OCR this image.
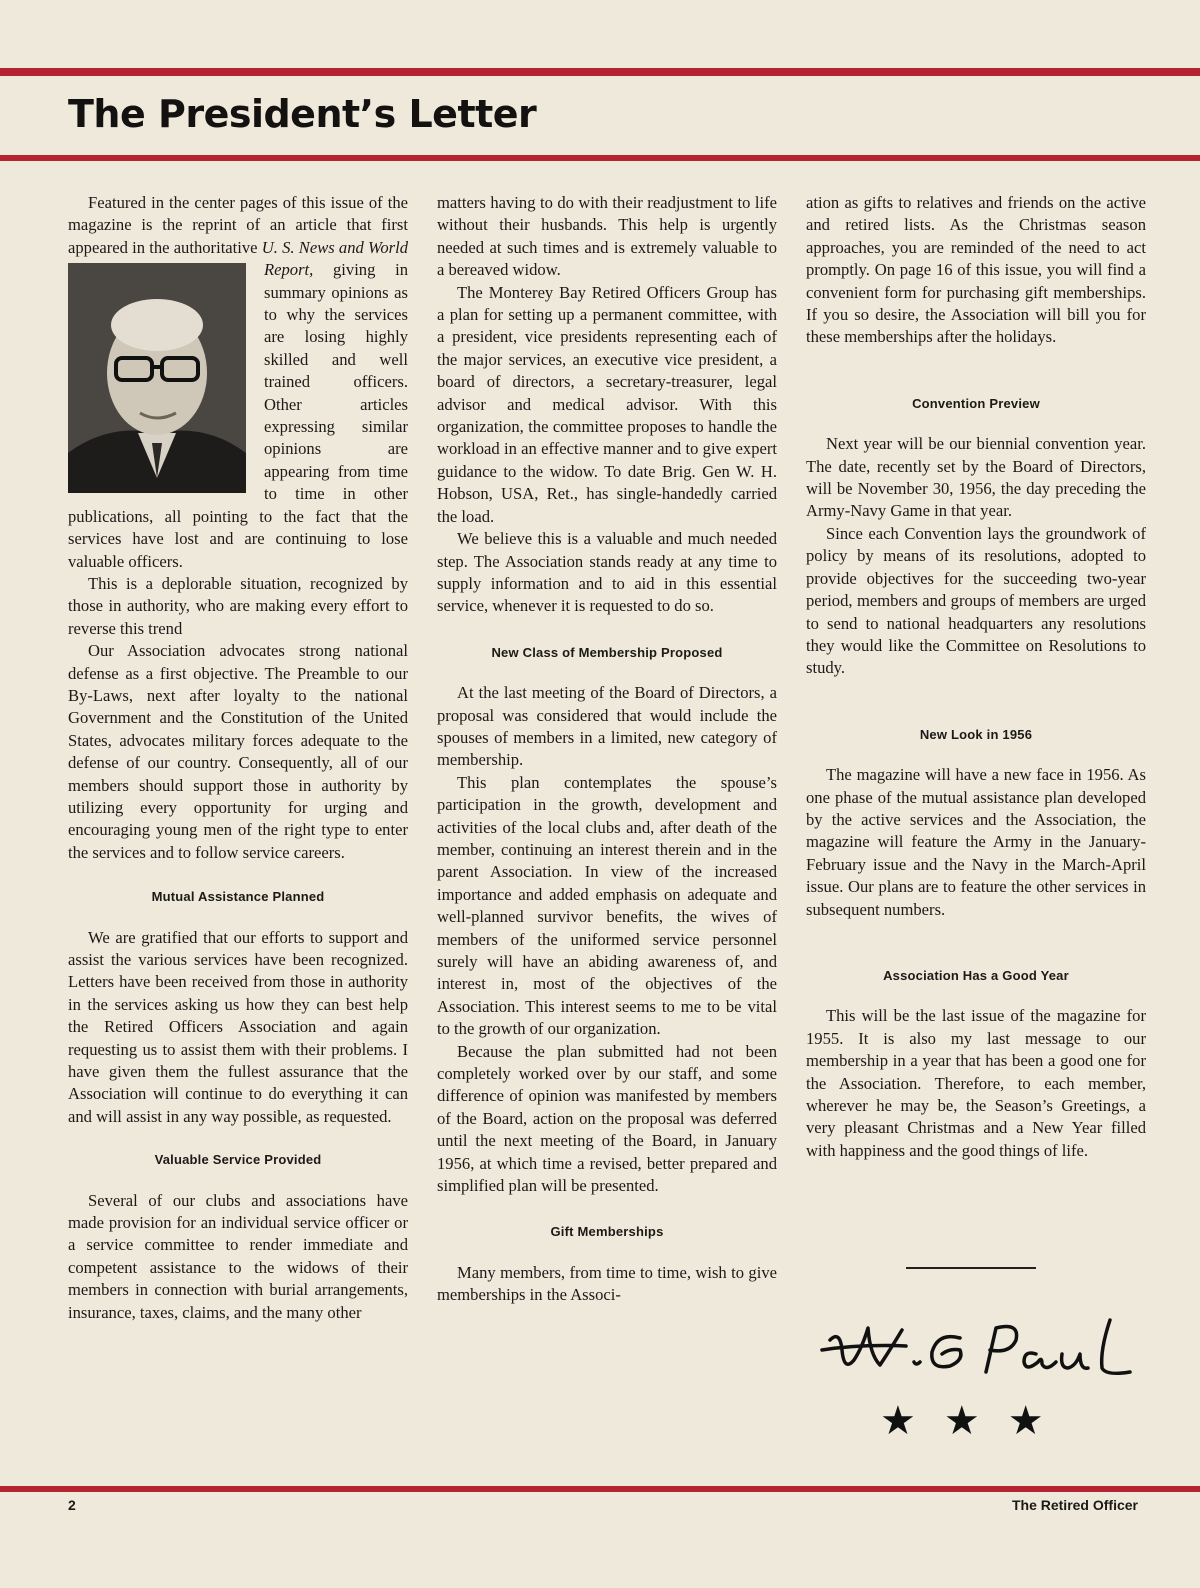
The President’s Letter

Featured in the center pages of this issue of the magazine is the reprint of an article that first appeared in the authoritative U. S. News and World Report,
giving in summary opinions as to why the services are losing highly skilled and well trained officers. Other articles expressing similar opinions are appearing from time to time in other publications, all pointing to the fact that the services have lost and are continuing to lose valuable officers.

This is a deplorable situation, recognized by those in authority, who are making every effort to reverse this trend

Our Association advocates strong national defense as a first objective. The Preamble to our By-Laws, next after loyalty to the national Government and the Constitution of the United States, advocates military forces adequate to the defense of our country. Consequently, all of our members should support those in authority by utilizing every opportunity for urging and encouraging young men of the right type to enter the services and to follow service careers.

Mutual Assistance Planned

We are gratified that our efforts to support and assist the various services have been recognized. Letters have been received from those in authority in the services asking us how they can best help the Retired Officers Association and again requesting us to assist them with their problems. I have given them the fullest assurance that the Association will continue to do everything it can and will assist in any way possible, as requested.

Valuable Service Provided

Several of our clubs and associations have made provision for an individual service officer or a service committee to render immediate and competent assistance to the widows of their members in connection with burial arrangements, insurance, taxes, claims, and the many other

matters having to do with their readjustment to life without their husbands. This help is urgently needed at such times and is extremely valuable to a bereaved widow.

The Monterey Bay Retired Officers Group has a plan for setting up a permanent committee, with a president, vice presidents representing each of the major services, an executive vice president, a board of directors, a secretary-treasurer, legal advisor and medical advisor. With this organization, the committee proposes to handle the workload in an effective manner and to give expert guidance to the widow. To date Brig. Gen W. H. Hobson, USA, Ret., has single-handedly carried the load.

We believe this is a valuable and much needed step. The Association stands ready at any time to supply information and to aid in this essential service, whenever it is requested to do so.

New Class of Membership Proposed

At the last meeting of the Board of Directors, a proposal was considered that would include the spouses of members in a limited, new category of membership.

This plan contemplates the spouse’s participation in the growth, development and activities of the local clubs and, after death of the member, continuing an interest therein and in the parent Association. In view of the increased importance and added emphasis on adequate and well-planned survivor benefits, the wives of members of the uniformed service personnel surely will have an abiding awareness of, and interest in, most of the objectives of the Association. This interest seems to me to be vital to the growth of our organization.

Because the plan submitted had not been completely worked over by our staff, and some difference of opinion was manifested by members of the Board, action on the proposal was deferred until the next meeting of the Board, in January 1956, at which time a revised, better prepared and simplified plan will be presented.

Gift Memberships

Many members, from time to time, wish to give memberships in the Associ-

ation as gifts to relatives and friends on the active and retired lists. As the Christmas season approaches, you are reminded of the need to act promptly. On page 16 of this issue, you will find a convenient form for purchasing gift memberships. If you so desire, the Association will bill you for these memberships after the holidays.

Convention Preview

Next year will be our biennial convention year. The date, recently set by the Board of Directors, will be November 30, 1956, the day preceding the Army-Navy Game in that year.

Since each Convention lays the groundwork of policy by means of its resolutions, adopted to provide objectives for the succeeding two-year period, members and groups of members are urged to send to national headquarters any resolutions they would like the Committee on Resolutions to study.

New Look in 1956

The magazine will have a new face in 1956. As one phase of the mutual assistance plan developed by the active services and the Association, the magazine will feature the Army in the January-February issue and the Navy in the March-April issue. Our plans are to feature the other services in subsequent numbers.

Association Has a Good Year

This will be the last issue of the magazine for 1955. It is also my last message to our membership in a year that has been a good one for the Association. Therefore, to each member, wherever he may be, the Season’s Greetings, a very pleasant Christmas and a New Year filled with happiness and the good things of life.

★★★
2	The Retired Officer
